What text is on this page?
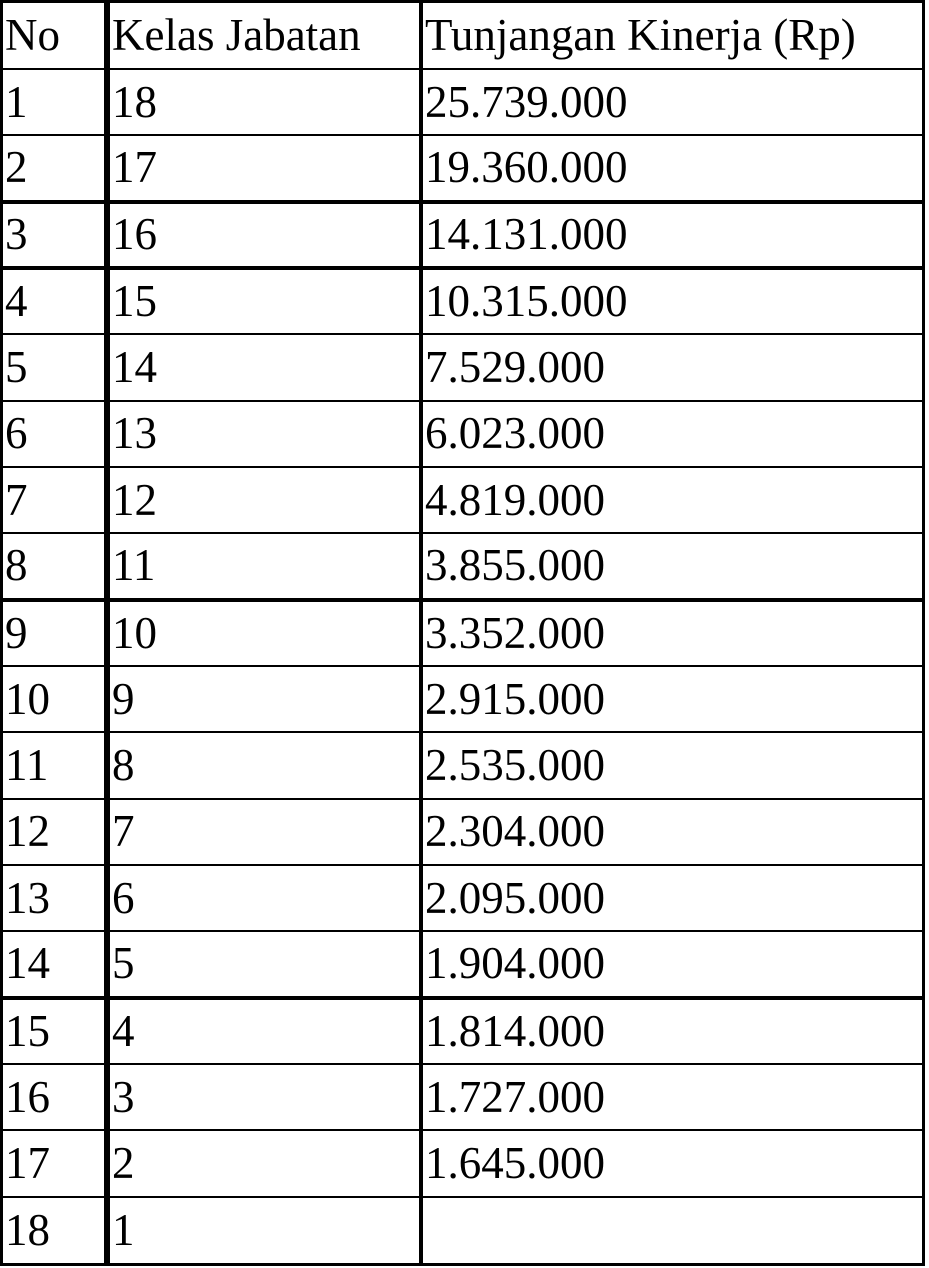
No	Kelas Jabatan	Tunjangan Kinerja (Rp)
1	18	25.739.000
2	17	19.360.000
3	16	14.131.000
4	15	10.315.000
5	14	7.529.000
6	13	6.023.000
7	12	4.819.000
8	11	3.855.000
9	10	3.352.000
10	9	2.915.000
11	8	2.535.000
12	7	2.304.000
13	6	2.095.000
14	5	1.904.000
15	4	1.814.000
16	3	1.727.000
17	2	1.645.000
18	1	
